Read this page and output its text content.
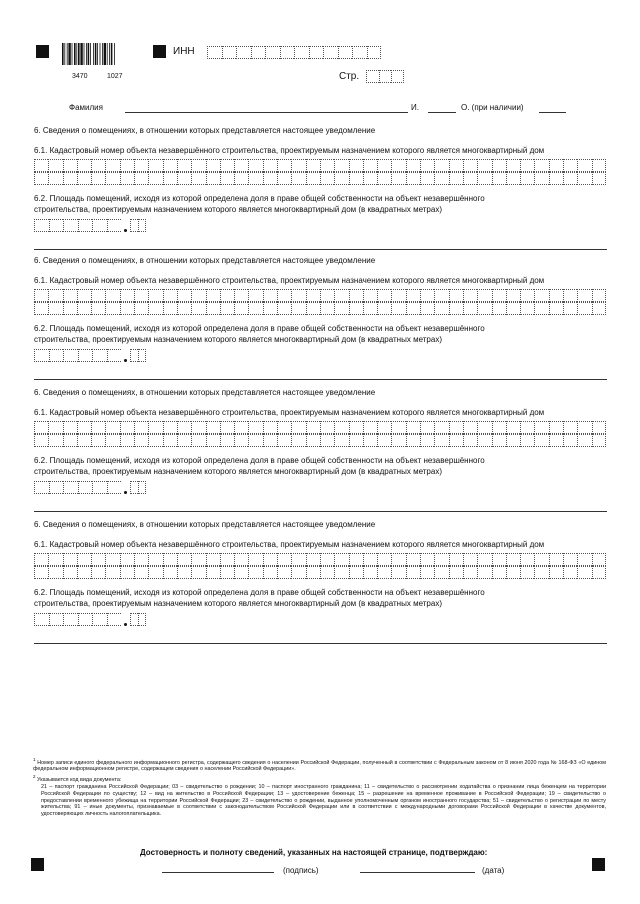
3470	1027
ИНН
Стр.
Фамилия	И.	О. (при наличии)
6. Сведения о помещениях, в отношении которых представляется настоящее уведомление
6.1. Кадастровый номер объекта незавершённого строительства, проектируемым назначением которого является многоквартирный дом
6.2. Площадь помещений, исходя из которой определена доля в праве общей собственности на объект незавершённого
строительства, проектируемым назначением которого является многоквартирный дом (в квадратных метрах)
6. Сведения о помещениях, в отношении которых представляется настоящее уведомление
6.1. Кадастровый номер объекта незавершённого строительства, проектируемым назначением которого является многоквартирный дом
6.2. Площадь помещений, исходя из которой определена доля в праве общей собственности на объект незавершённого
строительства, проектируемым назначением которого является многоквартирный дом (в квадратных метрах)
6. Сведения о помещениях, в отношении которых представляется настоящее уведомление
6.1. Кадастровый номер объекта незавершённого строительства, проектируемым назначением которого является многоквартирный дом
6.2. Площадь помещений, исходя из которой определена доля в праве общей собственности на объект незавершённого
строительства, проектируемым назначением которого является многоквартирный дом (в квадратных метрах)
6. Сведения о помещениях, в отношении которых представляется настоящее уведомление
6.1. Кадастровый номер объекта незавершённого строительства, проектируемым назначением которого является многоквартирный дом
6.2. Площадь помещений, исходя из которой определена доля в праве общей собственности на объект незавершённого
строительства, проектируемым назначением которого является многоквартирный дом (в квадратных метрах)

$^1$ Номер записи единого федерального информационного регистра, содержащего сведения о населении Российской Федерации, полученный в соответствии с Федеральным законом от 8 июня 2020 года № 168-ФЗ «О едином федеральном информационном регистре, содержащем сведения о населении Российской Федерации».

$^2$ Указывается код вида документа:

21 – паспорт гражданина Российской Федерации; 03 – свидетельство о рождении; 10 – паспорт иностранного гражданина; 11 – свидетельство о рассмотрении ходатайства о признании лица беженцем на территории Российской Федерации по существу; 12 – вид на жительство в Российской Федерации; 13 – удостоверение беженца; 15 – разрешение на временное проживание в Российской Федерации; 19 – свидетельство о предоставлении временного убежища на территории Российской Федерации; 23 – свидетельство о рождении, выданное уполномоченным органом иностранного государства; 51 – свидетельство о регистрации по месту жительства; 91 – иные документы, признаваемые в соответствии с законодательством Российской Федерации или в соответствии с международными договорами Российской Федерации в качестве документов, удостоверяющих личность налогоплательщика.

Достоверность и полноту сведений, указанных на настоящей странице, подтверждаю:
(подпись)	(дата)
